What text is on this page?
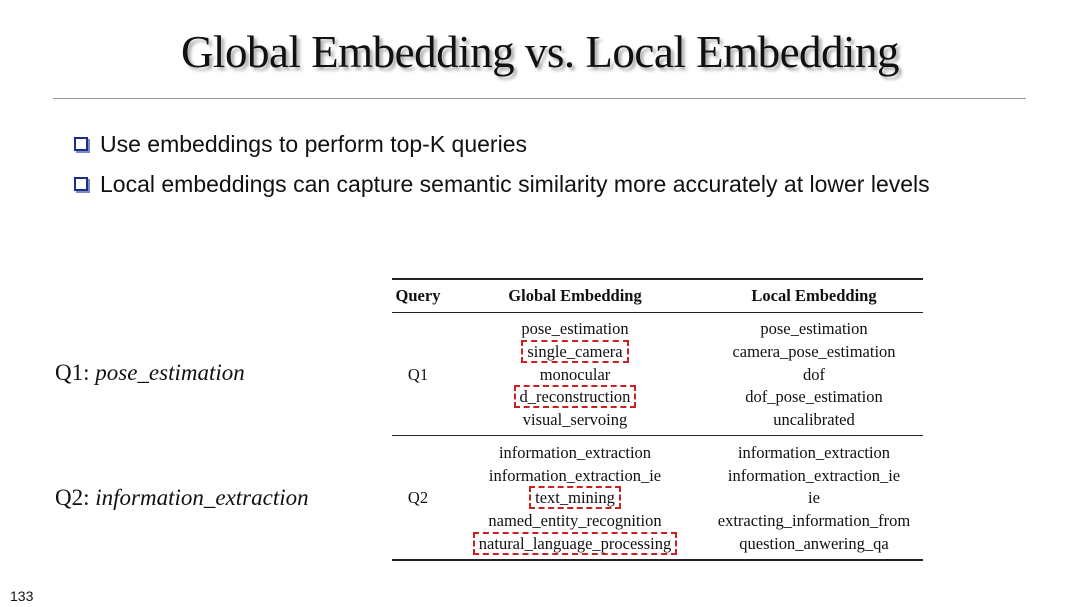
Global Embedding vs. Local Embedding
Use embeddings to perform top-K queries
Local embeddings can capture semantic similarity more accurately at lower levels
Q1: pose_estimation
Q2: information_extraction
Query	Global Embedding	Local Embedding
Q1
pose_estimation
single_camera
monocular
d_reconstruction
visual_servoing
pose_estimation
camera_pose_estimation
dof
dof_pose_estimation
uncalibrated
Q2
information_extraction
information_extraction_ie
text_mining
named_entity_recognition
natural_language_processing
information_extraction
information_extraction_ie
ie
extracting_information_from
question_anwering_qa
133
